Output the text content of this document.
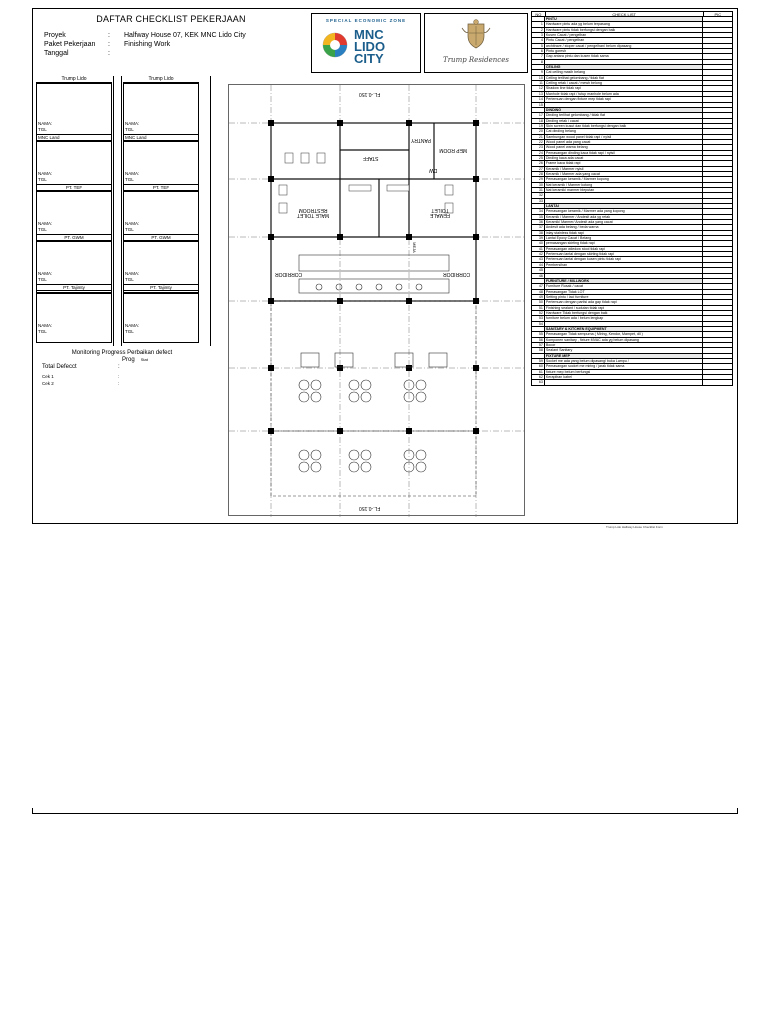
DAFTAR CHECKLIST PEKERJAAN
Proyek	: Halfway House 07, KEK MNC Lido City
Paket Pekerjaan : Finishing Work
Tanggal	:
SPECIAL ECONOMIC ZONE
MNC
LIDO
CITY	Trump Residences
Trump Lido	Trump Lido
NAMA:
TGL
MNC Land
NAMA:
TGL
PT. TEF
NAMA:
TGL
PT. GWM
NAMA:
TGL
PT. Tajimty
NAMA:
TGL
NAMA:
TGL
MNC Land
NAMA:
TGL
PT. TEF
NAMA:
TGL
PT. GWM
NAMA:
TGL
PT. Tajimty
NAMA:
TGL
Monitoring Progress Perbaikan defect
Prog Stat
Total Defecct	:
Cek 1	:
Cek 2	:
FL.-0.150
FL.-0.150
STAFF
DW
MEP ROOM
PANTRY
MALE TOILET RESTROOM
FEMALE TOILET
CORRIDOR	CORRIDOR
MEJA
NO	CHECK LIST	PIC
PINTU
1 Hardware pintu ada yg belum terpasang
2 Hardware pintu tidak berfungsi dengan baik
3 Kusen Cacat / pengelhan
4 Pintu Cacat / pengelhan
5 architrave / stoper cacat / pengelhan/ belum dipasang
6 Pintu goresh
7 Gap antara pintu dan kusen tidak sama
8
CEILING
9 Cat ceiling masih belang
10 Ceiling terlihat gelombang / tidak flat
11 Ceiling retak / cacat / mewh belong
12 Shadow line tidak rapi
13 Manhole tidak rapi / tutup manhole belum ada
14 Pertemuan dengan fixture mep tidak rapi
15
DINDING
17 Dinding terlihat gelombang / tidak flat
18 Dinding retak / cacat
19 Skin screen kusut dan tidak berfungsi dengan baik
20 Cat dinding belang
21 Sambungan wood panel tidak rapi / nyisil
22 Wood panel ada yang cacat
23 Wood panel warna belang
24 Pemasangan dinding kaca tidak rapi / nyisil
25 Dinding kaca ada cacat
26 Frame kaca tidak rapi
27 Keramik / Marmer nyisil
28 Keramik / Marmer ada yang cacat
29 Pemasangan keramik / Marmer kopong
30 Nat keramik / Marmer kotong
31 Nat keramik/ marmer bleputan
32
33
LANTAI
34 Pemasangan keramik / Marmer ada yang kopong
35 Keramik / Marmer / Andesit ada yg retak
36 Keramik/ Marmer/ Andesit ada yang cacat
37 Andesit ada belang / beda warna
38 inlay stainless tidak rapi
39 Lantai Epoxy Cacat / Belang
40 pemasangan skirting tidak rapi
41 Pemasangan wiledow stool tidak rapi
42 Pertemuan lantai dengan skirting tidak rapi
43 Pertemuan lantai dengan kusen pintu tidak rapi
44 Pembersihan
45
46
FURNITURE / MILLWORK
47 Furniture Rusak / cacat
48 Pemasangan Tidak LOT
49 Setting pintu / laci furniture
50 Pertemuan dengan partisi ada gap tidak rapi
51 Finishing sealant / sudutan tidak rapi
52 Hardware Tidak berfungsi dengan baik
53 furniture belum ada / belum lengkap
54
SANITARY & KITCHEN EQUIPMENT
55 Pemasangan Tidak sempurna ( Miring, Kendor, Mampet, dll )
56 Komponen sanitary , fixture MVAC ada yg belum dipasang
57 Bocor
58 Sealant Sanitary
FIXTURE MEP
59 Socket me ada yang belum dipasang/ buka Lampu /
60 Pemasangan socket me miring / jarak tidak sama
61 fixture mep belum berfungsi
62 Kerapihan kabel
63
Trump Lido Halfway House Checklist Form
